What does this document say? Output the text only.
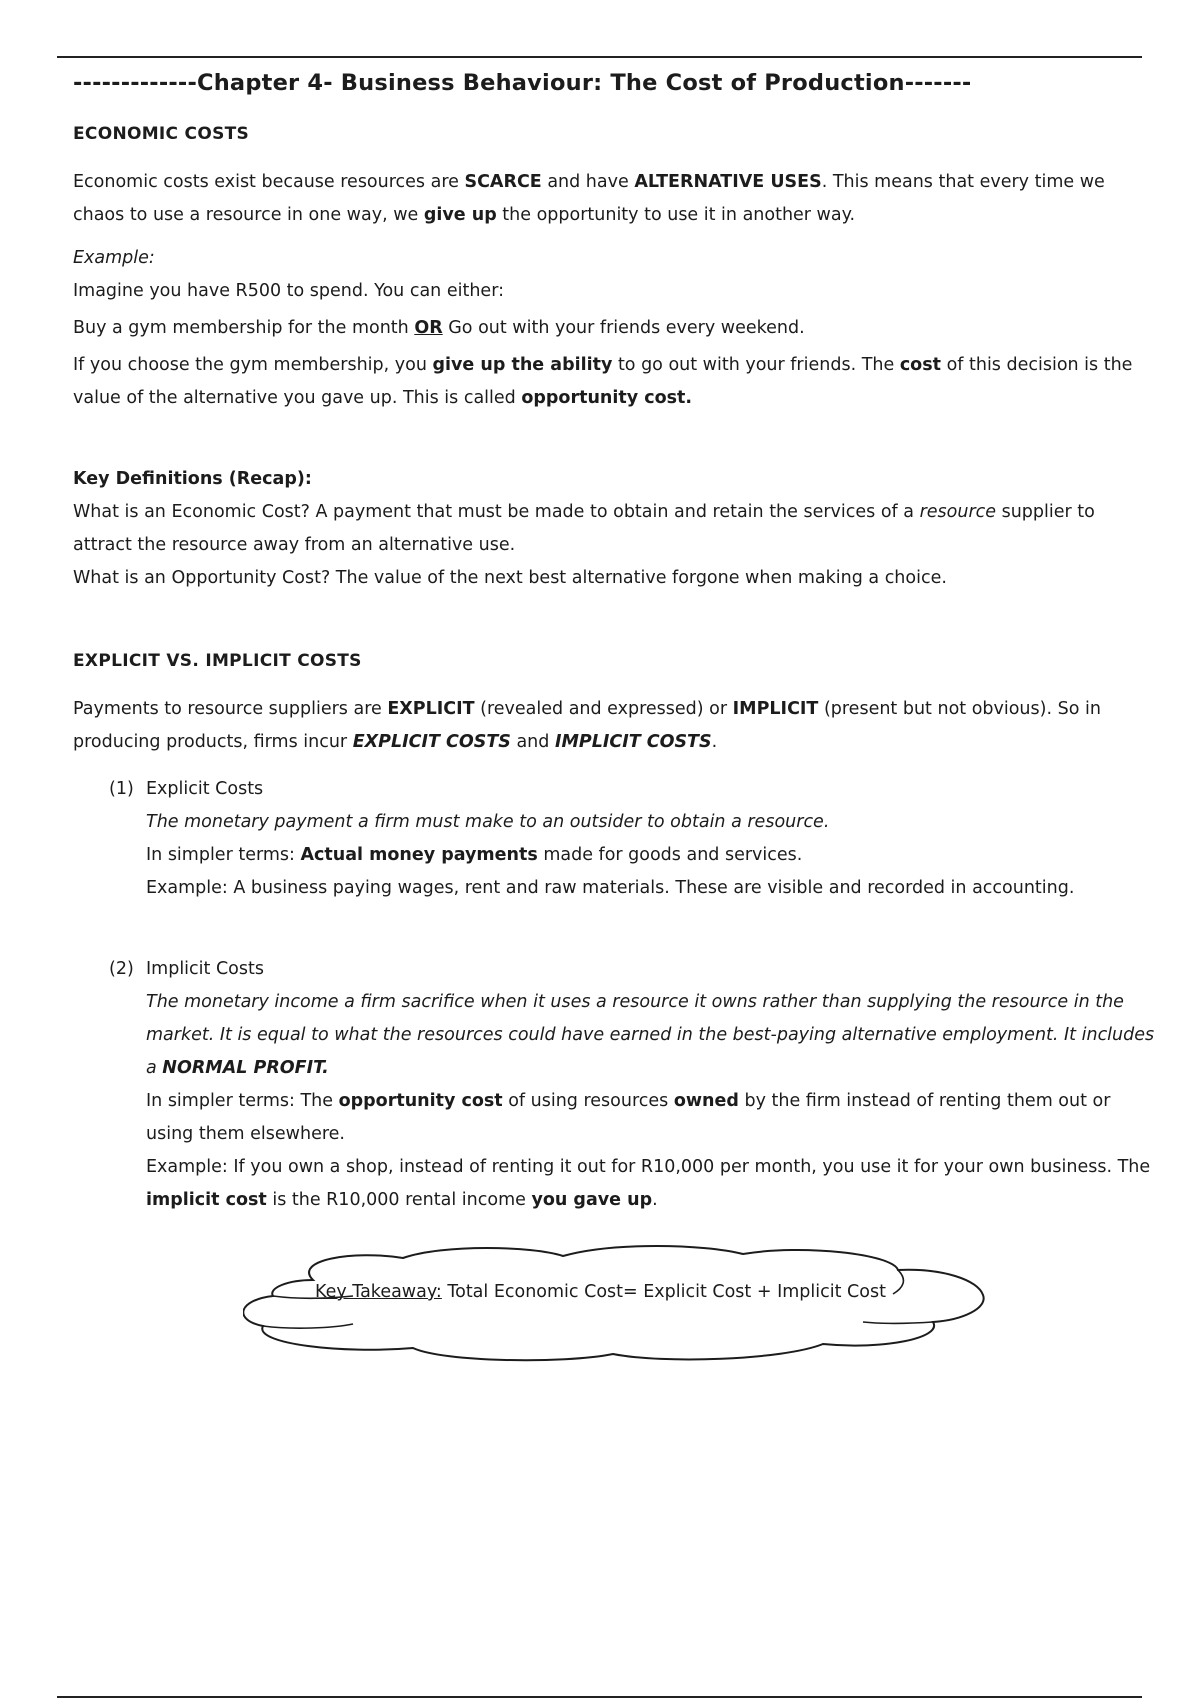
-------------Chapter 4- Business Behaviour: The Cost of Production-------
ECONOMIC COSTS

Economic costs exist because resources are SCARCE and have ALTERNATIVE USES. This means that every time we chaos to use a resource in one way, we give up the opportunity to use it in another way.

Example:

Imagine you have R500 to spend. You can either:

Buy a gym membership for the month OR Go out with your friends every weekend.

If you choose the gym membership, you give up the ability to go out with your friends. The cost of this decision is the value of the alternative you gave up. This is called opportunity cost.

Key Definitions (Recap):

What is an Economic Cost? A payment that must be made to obtain and retain the services of a resource supplier to attract the resource away from an alternative use.

What is an Opportunity Cost? The value of the next best alternative forgone when making a choice.

EXPLICIT VS. IMPLICIT COSTS

Payments to resource suppliers are EXPLICIT (revealed and expressed) or IMPLICIT (present but not obvious). So in producing products, firms incur EXPLICIT COSTS and IMPLICIT COSTS.

(1) Explicit Costs

The monetary payment a firm must make to an outsider to obtain a resource.

In simpler terms: Actual money payments made for goods and services.

Example: A business paying wages, rent and raw materials. These are visible and recorded in accounting.

(2) Implicit Costs

The monetary income a firm sacrifice when it uses a resource it owns rather than supplying the resource in the market. It is equal to what the resources could have earned in the best-paying alternative employment. It includes a NORMAL PROFIT.

In simpler terms: The opportunity cost of using resources owned by the firm instead of renting them out or using them elsewhere.

Example: If you own a shop, instead of renting it out for R10,000 per month, you use it for your own business. The implicit cost is the R10,000 rental income you gave up.

Key Takeaway: Total Economic Cost= Explicit Cost + Implicit Cost
